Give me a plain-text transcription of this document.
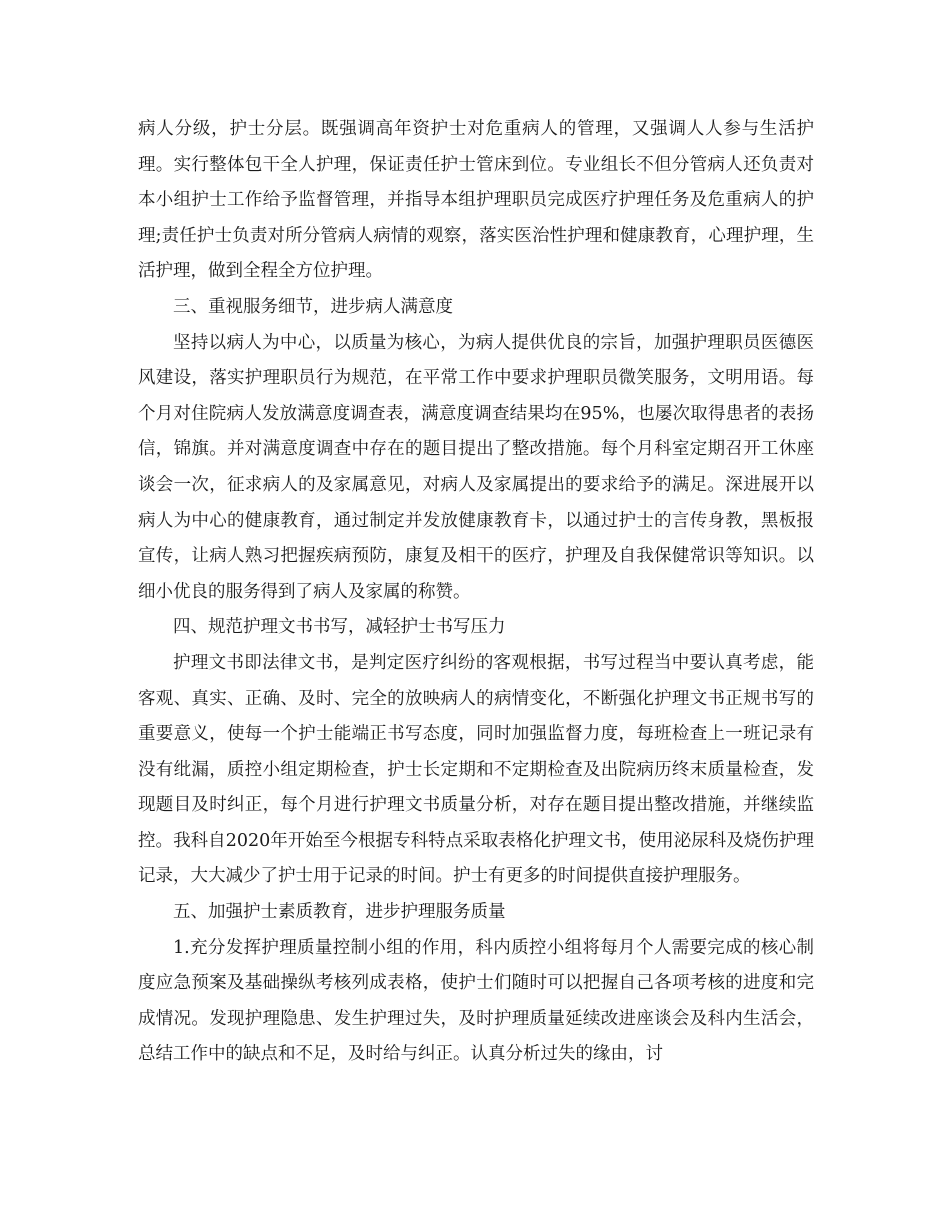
病人分级，护士分层。既强调高年资护士对危重病人的管理，又强调人人参与生活护理。实行整体包干全人护理，保证责任护士管床到位。专业组长不但分管病人还负责对本小组护士工作给予监督管理，并指导本组护理职员完成医疗护理任务及危重病人的护理;责任护士负责对所分管病人病情的观察，落实医治性护理和健康教育，心理护理，生活护理，做到全程全方位护理。

三、重视服务细节，进步病人满意度

坚持以病人为中心，以质量为核心，为病人提供优良的宗旨，加强护理职员医德医风建设，落实护理职员行为规范，在平常工作中要求护理职员微笑服务，文明用语。每个月对住院病人发放满意度调查表，满意度调查结果均在95%，也屡次取得患者的表扬信，锦旗。并对满意度调查中存在的题目提出了整改措施。每个月科室定期召开工休座谈会一次，征求病人的及家属意见，对病人及家属提出的要求给予的满足。深进展开以病人为中心的健康教育，通过制定并发放健康教育卡，以通过护士的言传身教，黑板报宣传，让病人熟习把握疾病预防，康复及相干的医疗，护理及自我保健常识等知识。以细小优良的服务得到了病人及家属的称赞。

四、规范护理文书书写，减轻护士书写压力

护理文书即法律文书，是判定医疗纠纷的客观根据，书写过程当中要认真考虑，能客观、真实、正确、及时、完全的放映病人的病情变化，不断强化护理文书正规书写的重要意义，使每一个护士能端正书写态度，同时加强监督力度，每班检查上一班记录有没有纰漏，质控小组定期检查，护士长定期和不定期检查及出院病历终末质量检查，发现题目及时纠正，每个月进行护理文书质量分析，对存在题目提出整改措施，并继续监控。我科自2020年开始至今根据专科特点采取表格化护理文书，使用泌尿科及烧伤护理记录，大大减少了护士用于记录的时间。护士有更多的时间提供直接护理服务。

五、加强护士素质教育，进步护理服务质量

1.充分发挥护理质量控制小组的作用，科内质控小组将每月个人需要完成的核心制度应急预案及基础操纵考核列成表格，使护士们随时可以把握自己各项考核的进度和完成情况。发现护理隐患、发生护理过失，及时护理质量延续改进座谈会及科内生活会，总结工作中的缺点和不足，及时给与纠正。认真分析过失的缘由，讨
